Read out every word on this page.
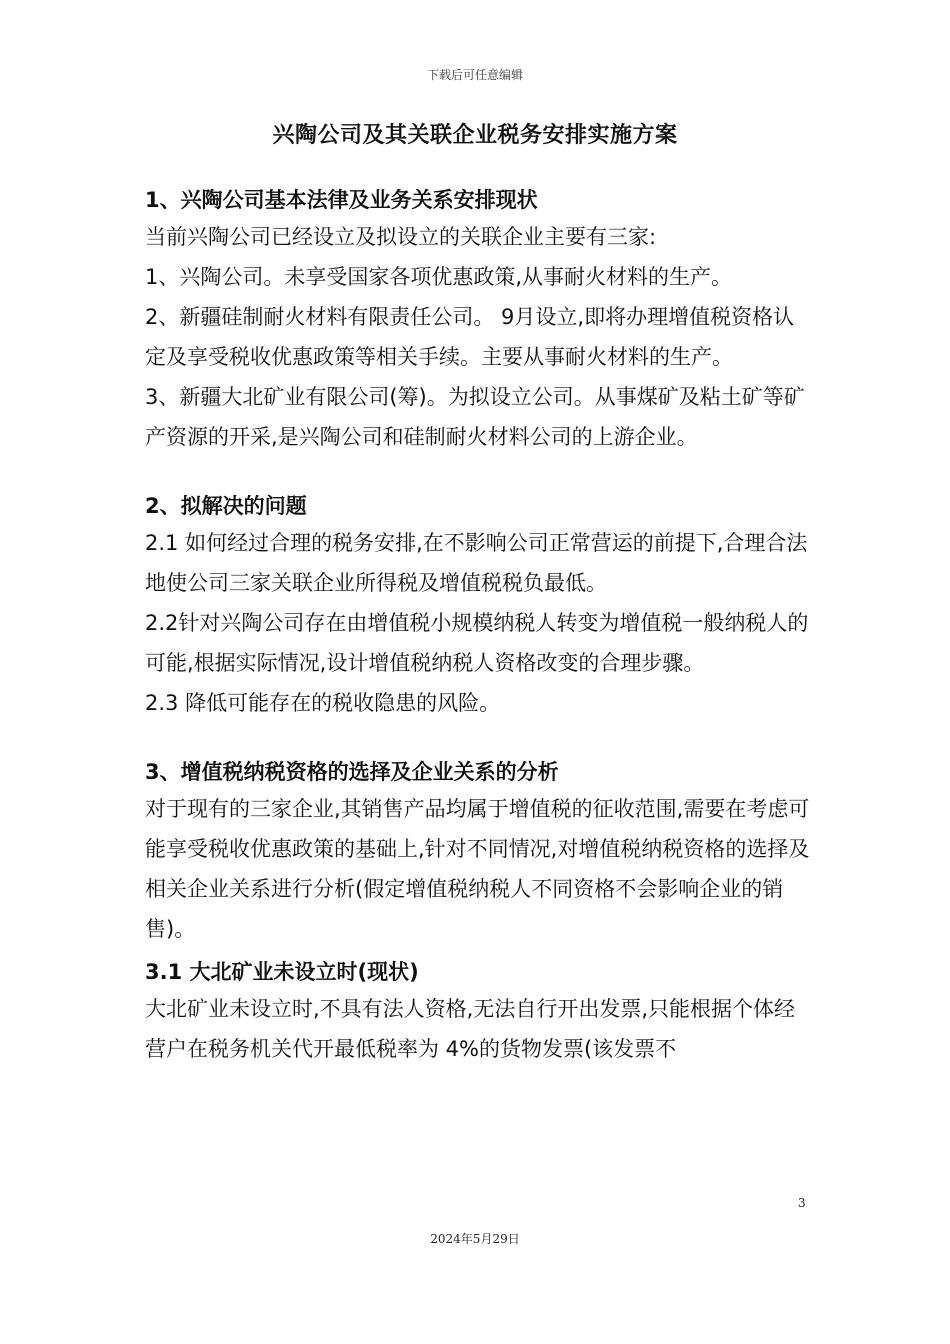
下载后可任意编辑
兴陶公司及其关联企业税务安排实施方案
1、兴陶公司基本法律及业务关系安排现状
当前兴陶公司已经设立及拟设立的关联企业主要有三家:
1、兴陶公司。未享受国家各项优惠政策,从事耐火材料的生产。
2、新疆硅制耐火材料有限责任公司。 9月设立,即将办理增值税资格认定及享受税收优惠政策等相关手续。主要从事耐火材料的生产。
3、新疆大北矿业有限公司(筹)。为拟设立公司。从事煤矿及粘土矿等矿产资源的开采,是兴陶公司和硅制耐火材料公司的上游企业。
2、拟解决的问题
2.1 如何经过合理的税务安排,在不影响公司正常营运的前提下,合理合法地使公司三家关联企业所得税及增值税税负最低。
2.2针对兴陶公司存在由增值税小规模纳税人转变为增值税一般纳税人的可能,根据实际情况,设计增值税纳税人资格改变的合理步骤。
2.3 降低可能存在的税收隐患的风险。
3、增值税纳税资格的选择及企业关系的分析
对于现有的三家企业,其销售产品均属于增值税的征收范围,需要在考虑可能享受税收优惠政策的基础上,针对不同情况,对增值税纳税资格的选择及相关企业关系进行分析(假定增值税纳税人不同资格不会影响企业的销售)。
3.1 大北矿业未设立时(现状)
大北矿业未设立时,不具有法人资格,无法自行开出发票,只能根据个体经营户在税务机关代开最低税率为 4%的货物发票(该发票不
3
2024年5月29日
